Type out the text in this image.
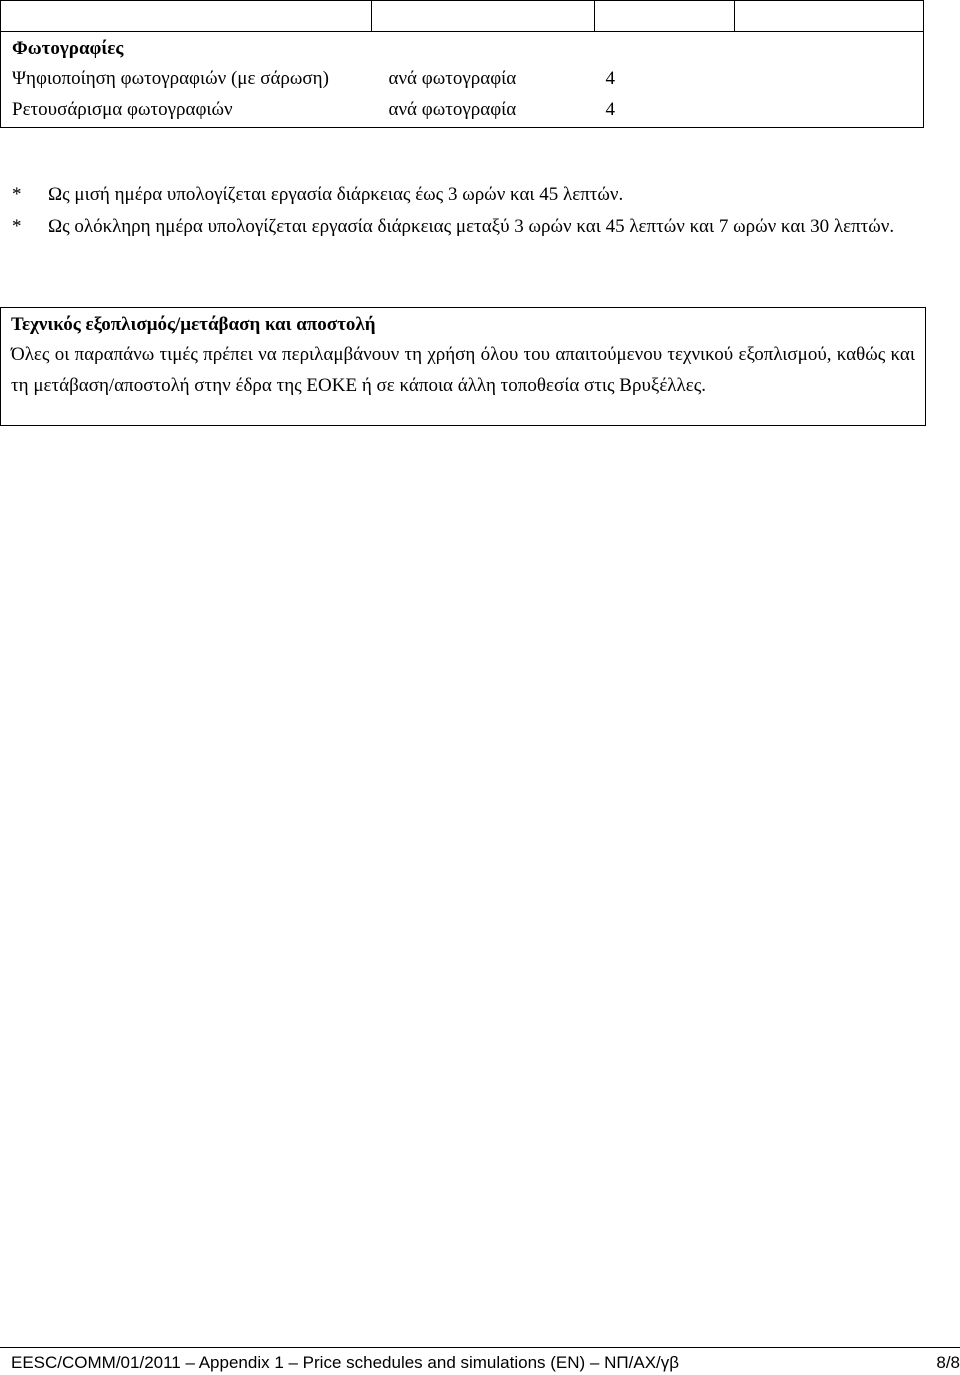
Φωτογραφίες			

Ψηφιοποίηση φωτογραφιών (με σάρωση)	ανά φωτογραφία	4	

Ρετουσάρισμα φωτογραφιών	ανά φωτογραφία	4	

*	Ως μισή ημέρα υπολογίζεται εργασία διάρκειας έως 3 ωρών και 45 λεπτών.
*	Ως ολόκληρη ημέρα υπολογίζεται εργασία διάρκειας μεταξύ 3 ωρών και 45 λεπτών και 7 ωρών και 30 λεπτών.
Τεχνικός εξοπλισμός/μετάβαση και αποστολή
Όλες οι παραπάνω τιμές πρέπει να περιλαμβάνουν τη χρήση όλου του απαιτούμενου τεχνικού εξοπλισμού, καθώς και τη μετάβαση/αποστολή στην έδρα της ΕΟΚΕ ή σε κάποια άλλη τοποθεσία στις Βρυξέλλες.
EESC/COMM/01/2011 – Appendix 1 – Price schedules and simulations (EN) – ΝΠ/ΑΧ/γβ	8/8
